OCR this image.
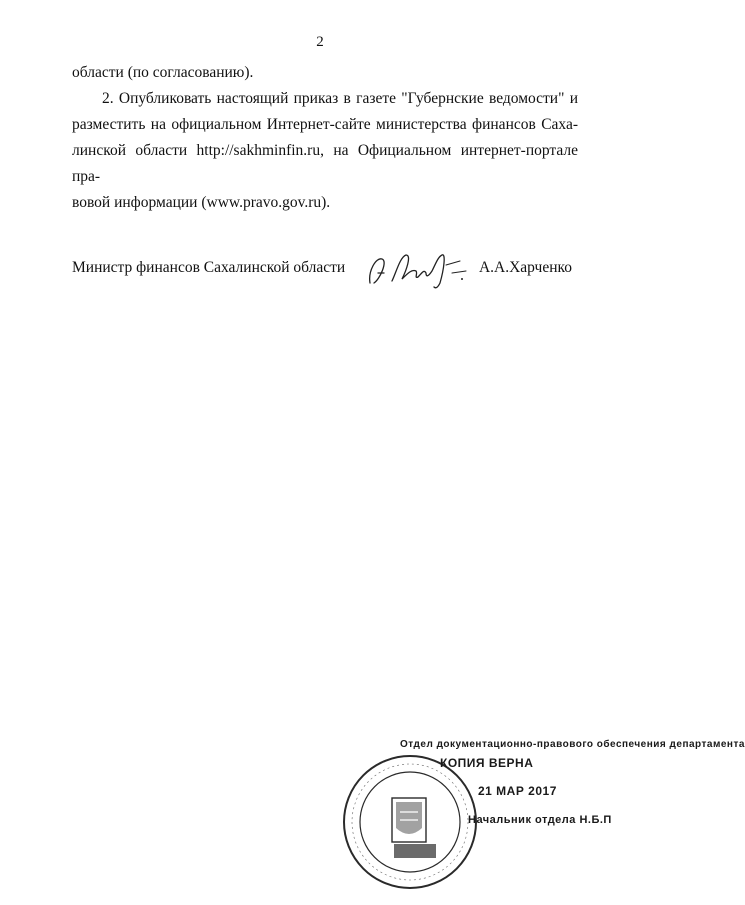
2
области (по согласованию).
2. Опубликовать настоящий приказ в газете "Губернские ведомости" и
разместить на официальном Интернет-сайте министерства финансов Саха-
линской области http://sakhminfin.ru, на Официальном интернет-портале пра-
вовой информации (www.pravo.gov.ru).
Министр финансов Сахалинской области	А.А.Харченко
Отдел документационно-правового обеспечения департамента
КОПИЯ ВЕРНА
21 МАР 2017
Начальник отдела Н.Б.П
